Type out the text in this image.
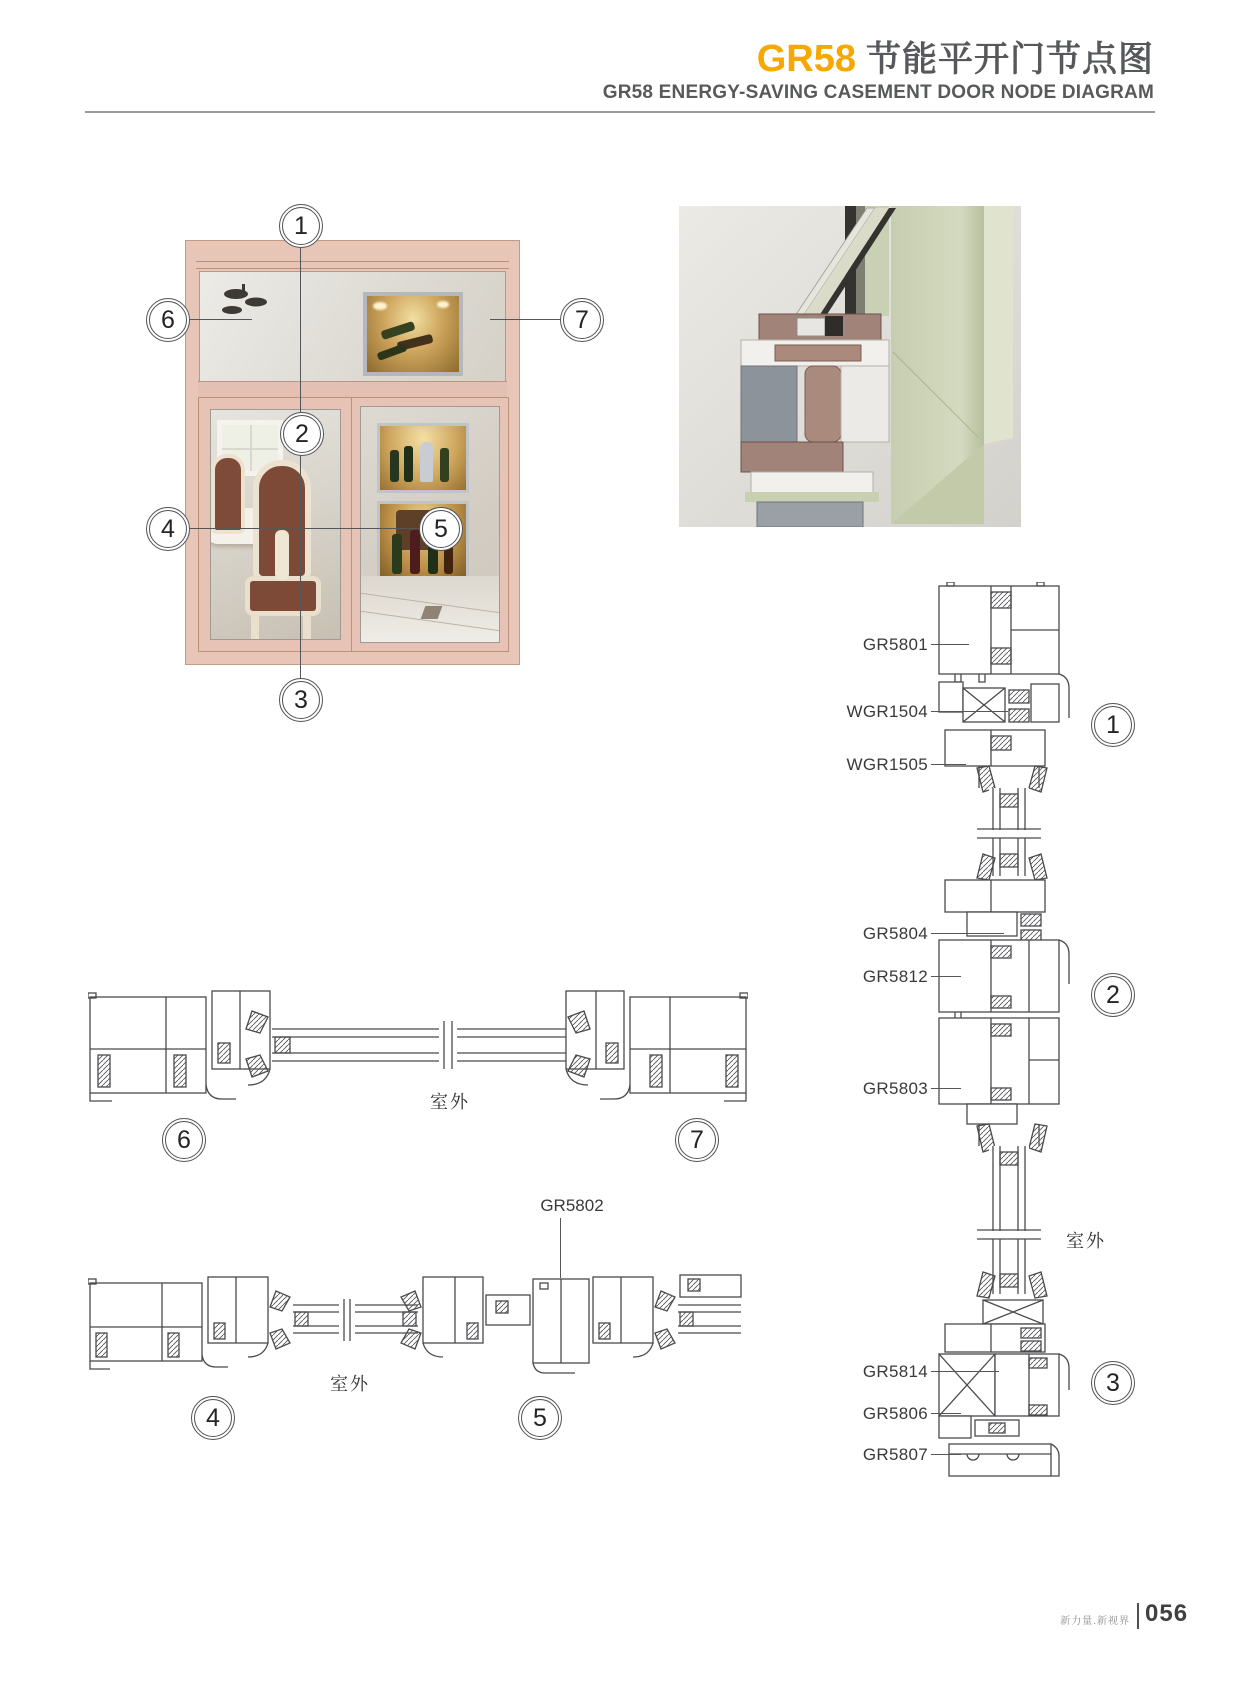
GR58 节能平开门节点图
GR58 ENERGY-SAVING CASEMENT DOOR NODE DIAGRAM
1
2
3
4	5
6	7
GR5801
WGR1504
WGR1505
GR5804
GR5812
GR5803
GR5814
GR5806
GR5807
1
2
3
室外
室外
6	7
GR5802
室外
4	5
新力量.新视界 056
